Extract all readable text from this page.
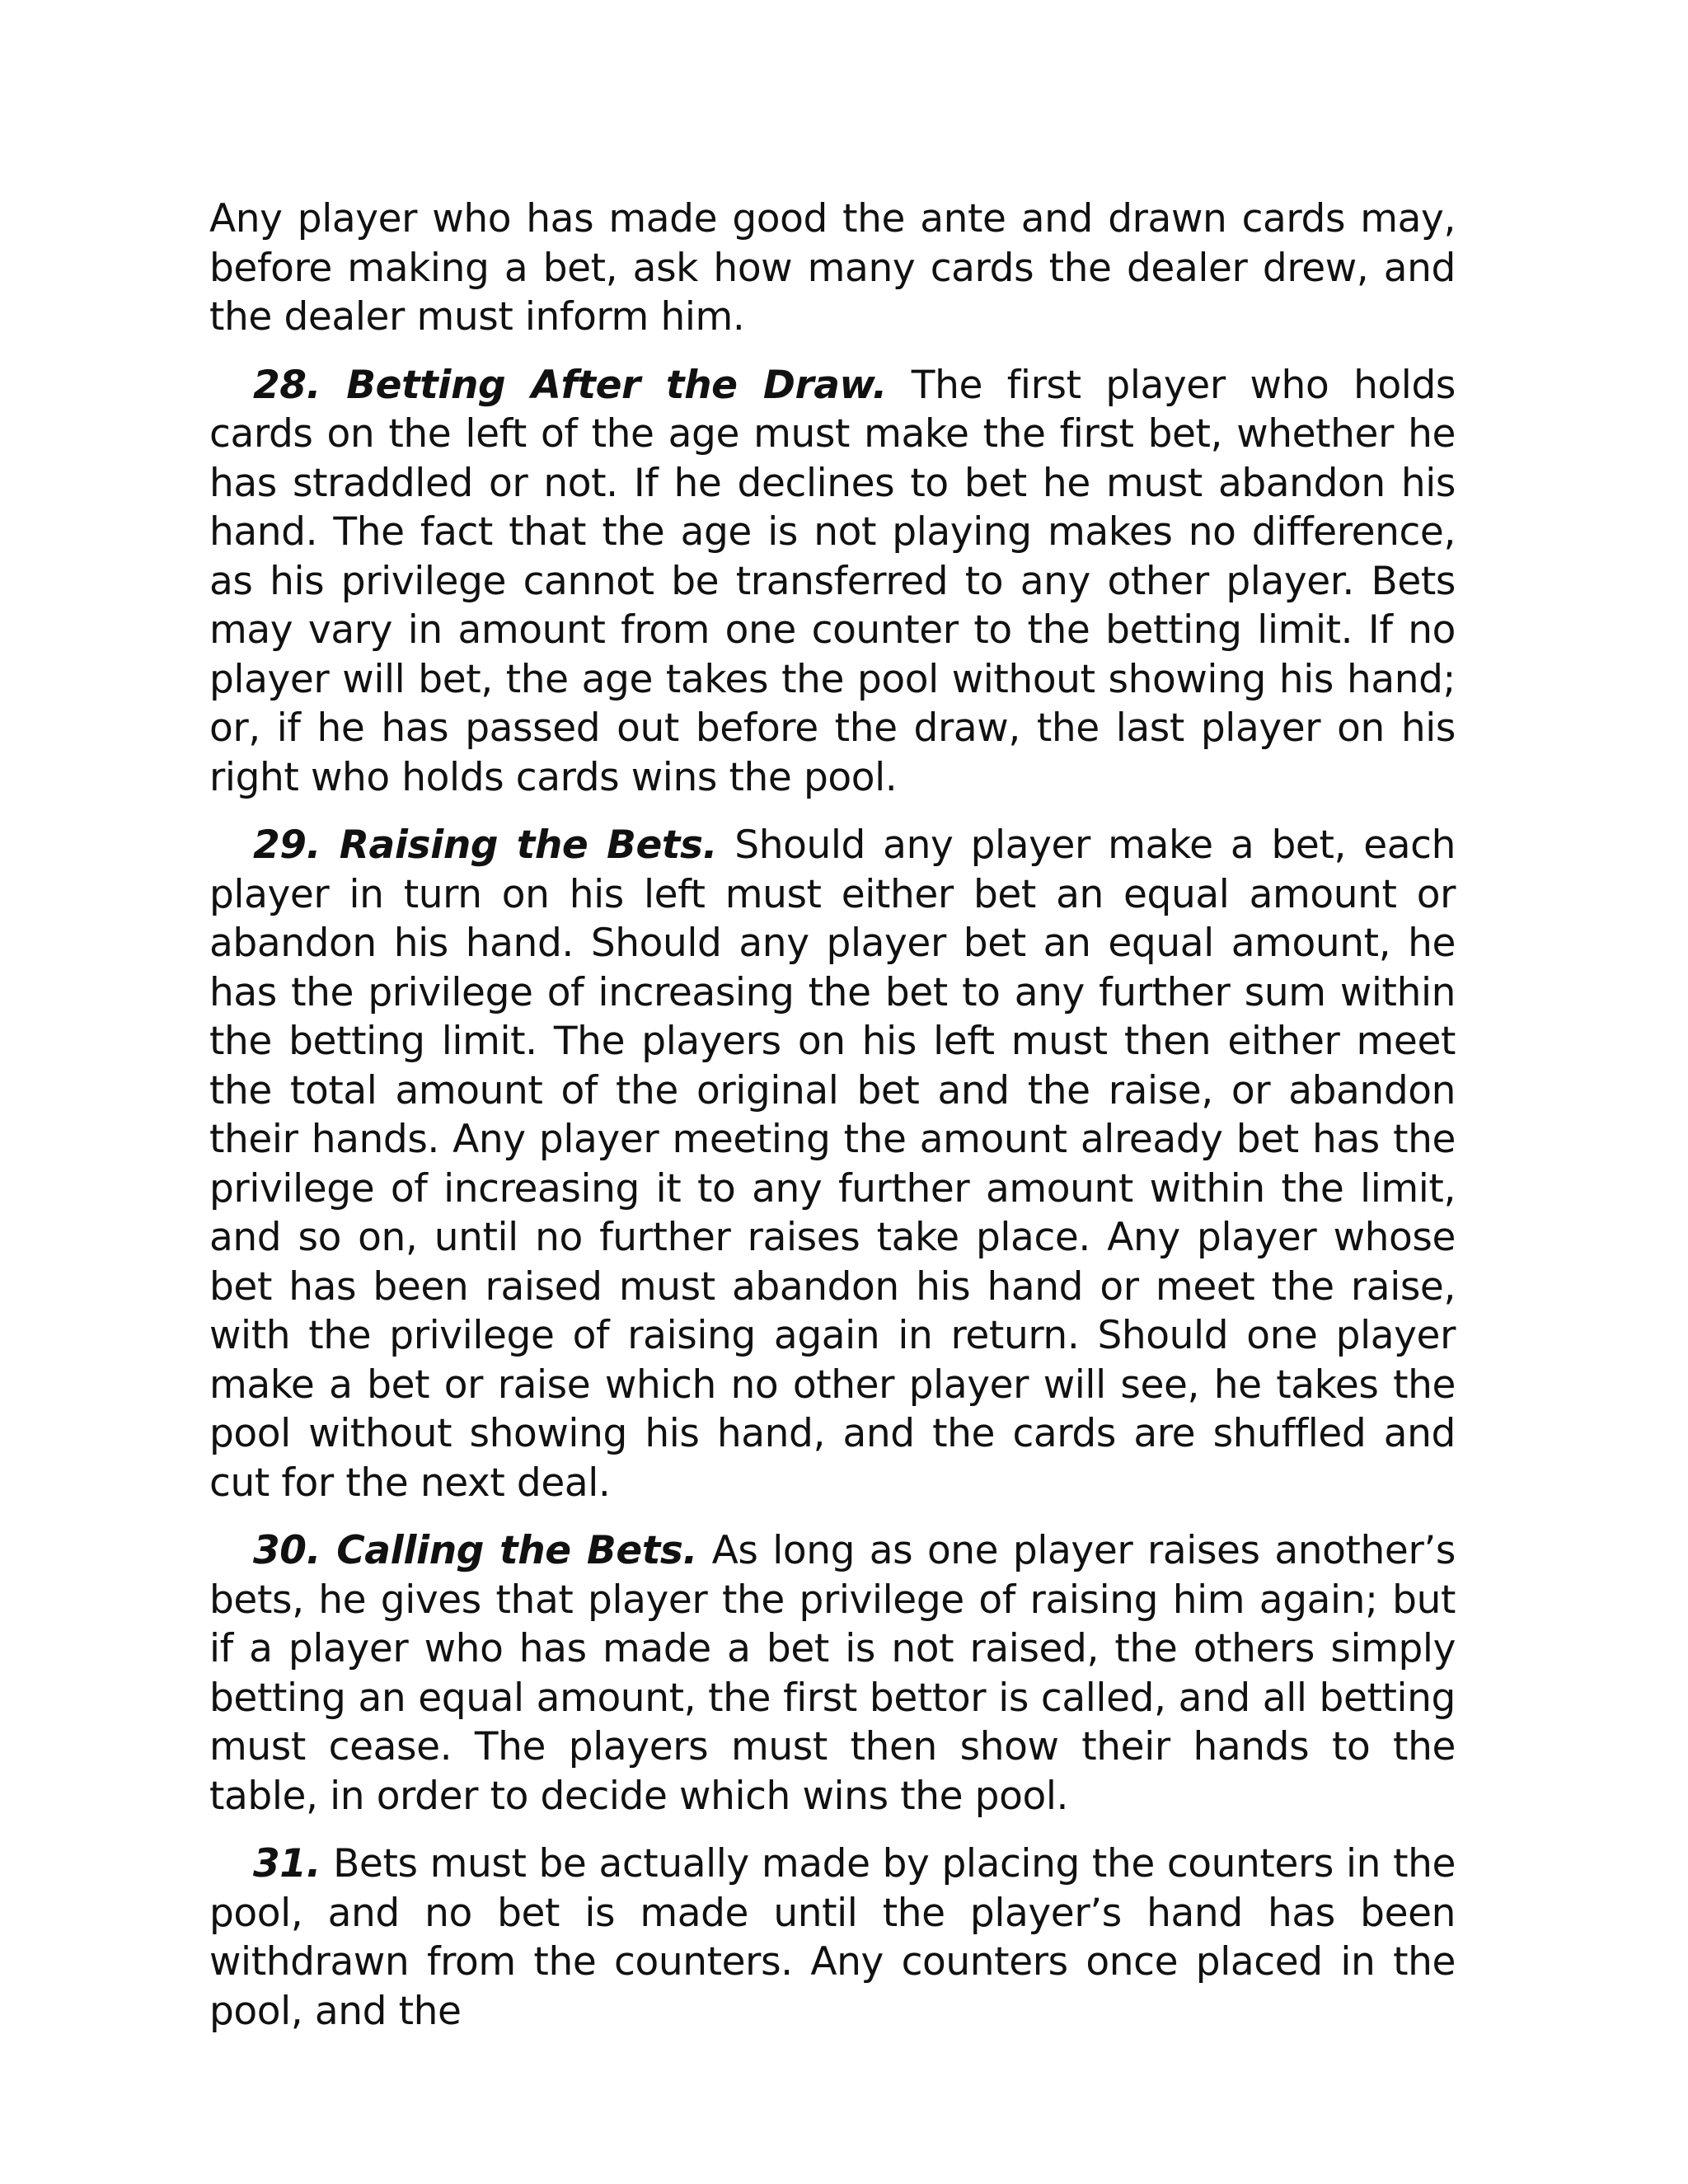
Any player who has made good the ante and drawn cards may, before making a bet, ask how many cards the dealer drew, and the dealer must inform him.

28. Betting After the Draw. The first player who holds cards on the left of the age must make the first bet, whether he has straddled or not. If he declines to bet he must abandon his hand. The fact that the age is not playing makes no difference, as his privilege cannot be transferred to any other player. Bets may vary in amount from one counter to the betting limit. If no player will bet, the age takes the pool without showing his hand; or, if he has passed out before the draw, the last player on his right who holds cards wins the pool.

29. Raising the Bets. Should any player make a bet, each player in turn on his left must either bet an equal amount or abandon his hand. Should any player bet an equal amount, he has the privilege of increasing the bet to any further sum within the betting limit. The players on his left must then either meet the total amount of the original bet and the raise, or abandon their hands. Any player meeting the amount already bet has the privilege of increasing it to any further amount within the limit, and so on, until no further raises take place. Any player whose bet has been raised must abandon his hand or meet the raise, with the privilege of raising again in return. Should one player make a bet or raise which no other player will see, he takes the pool without showing his hand, and the cards are shuffled and cut for the next deal.

30. Calling the Bets. As long as one player raises another’s bets, he gives that player the privilege of raising him again; but if a player who has made a bet is not raised, the others simply betting an equal amount, the first bettor is called, and all betting must cease. The players must then show their hands to the table, in order to decide which wins the pool.

31. Bets must be actually made by placing the counters in the pool, and no bet is made until the player’s hand has been withdrawn from the counters. Any counters once placed in the pool, and the
